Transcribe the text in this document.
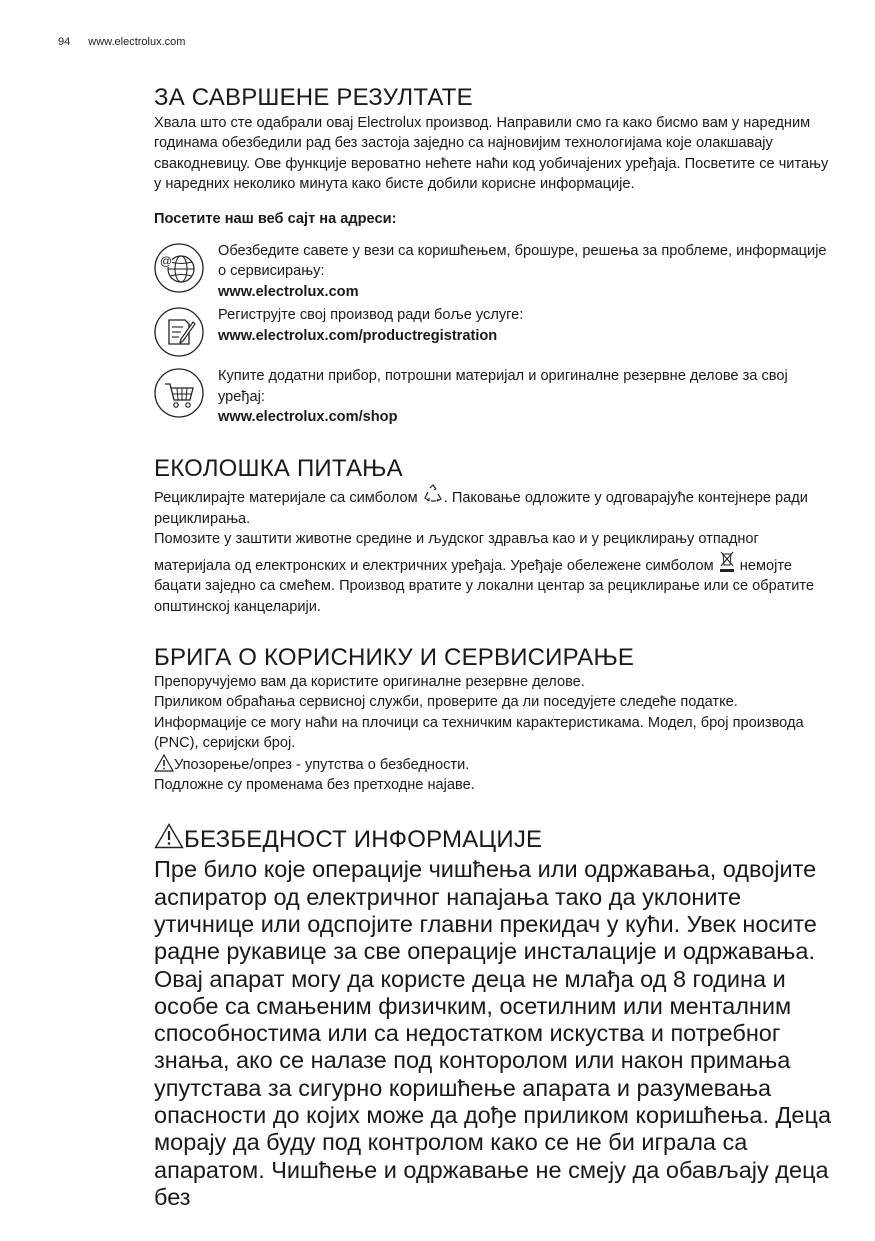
94 www.electrolux.com
ЗА САВРШЕНЕ РЕЗУЛТАТЕ

Хвала што сте одабрали овај Electrolux производ. Направили смо га како бисмо вам у наредним годинама обезбедили рад без застоја заједно са најновијим технологијама које олакшавају свакодневицу. Ове функције вероватно нећете наћи код уобичајених уређаја. Посветите се читању у наредних неколико минута како бисте добили корисне информације.

Посетите наш веб сајт на адреси:

@
Обезбедите савете у вези са коришћењем, брошуре, решења за проблеме, информације о сервисирању:
www.electrolux.com
Региструјте свој производ ради боље услуге:
www.electrolux.com/productregistration
Купите додатни прибор, потрошни материјал и оригиналне резервне делове за свој уређај:
www.electrolux.com/shop
ЕКОЛОШКА ПИТАЊА

Рециклирајте материјале са симболом . Паковање одложите у одговарајуће контејнере ради рециклирања.

Помозите у заштити животне средине и људског здравља као и у рециклирању отпадног материјала од електронских и електричних уређаја. Уређаје обележене симболом немојте бацати заједно са смећем. Производ вратите у локални центар за рециклирање или се обратите општинској канцеларији.

БРИГА О КОРИСНИКУ И СЕРВИСИРАЊЕ

Препоручујемо вам да користите оригиналне резервне делове.

Приликом обраћања сервисној служби, проверите да ли поседујете следеће податке. Информације се могу наћи на плочици са техничким карактеристикама. Модел, број производа (PNC), серијски број.

Упозорење/опрез - упутства о безбедности.

Подложне су променама без претходне најаве.

БЕЗБЕДНОСТ ИНФОРМАЦИЈЕ

Пре било које операције чишћења или одржавања, одвојите аспиратор од електричног напајања тако да уклоните утичнице или одспојите главни прекидач у кући. Увек носите радне рукавице за све операције инсталације и одржавања. Овај апарат могу да користе деца не млађа од 8 година и особе са смањеним физичким, осетилним или менталним способностима или са недостатком искуства и потребног знања, ако се налазе под конторолом или након примања упутстава за сигурно коришћење апарата и разумевања опасности до којих може да дође приликом коришћења. Деца морају да буду под контролом како се не би играла са апаратом. Чишћење и одржавање не смеју да обављају деца без
